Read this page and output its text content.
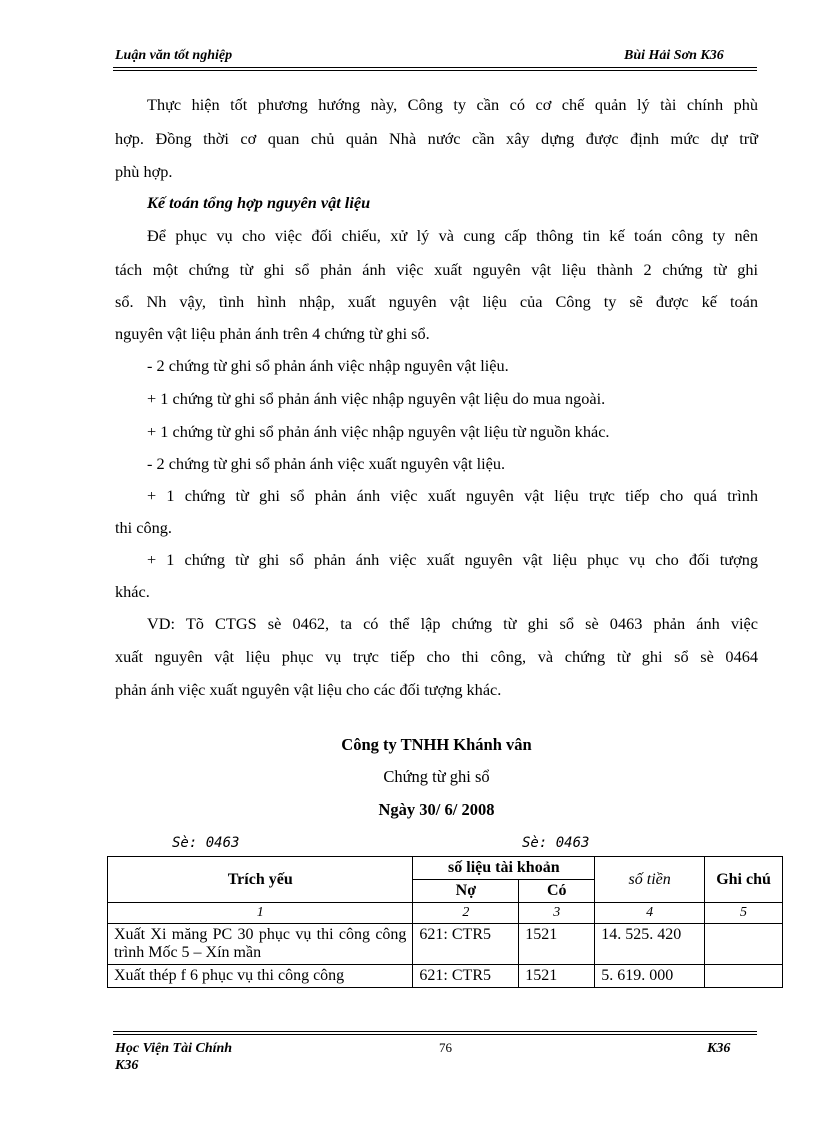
Luận văn tốt nghiệp	Bùi Hải Sơn K36

Thực hiện tốt phương hướng này, Công ty cần có cơ chế quản lý tài chính phù

hợp. Đồng thời cơ quan chủ quản Nhà nước cần xây dựng được định mức dự trữ

phù hợp.

Kế toán tổng hợp nguyên vật liệu

Để phục vụ cho việc đối chiếu, xử lý và cung cấp thông tin kế toán công ty nên

tách một chứng từ ghi sổ phản ánh việc xuất nguyên vật liệu thành 2 chứng từ ghi

sổ. Nh vậy, tình hình nhập, xuất nguyên vật liệu của Công ty sẽ được kế toán

nguyên vật liệu phản ánh trên 4 chứng từ ghi sổ.

- 2 chứng từ ghi sổ phản ánh việc nhập nguyên vật liệu.

+ 1 chứng từ ghi sổ phản ánh việc nhập nguyên vật liệu do mua ngoài.

+ 1 chứng từ ghi sổ phản ánh việc nhập nguyên vật liệu từ nguồn khác.

- 2 chứng từ ghi sổ phản ánh việc xuất nguyên vật liệu.

+ 1 chứng từ ghi sổ phản ánh việc xuất nguyên vật liệu trực tiếp cho quá trình

thi công.

+ 1 chứng từ ghi sổ phản ánh việc xuất nguyên vật liệu phục vụ cho đối tượng

khác.

VD: Tõ CTGS sè 0462, ta có thể lập chứng từ ghi sổ sè 0463 phản ánh việc

xuất nguyên vật liệu phục vụ trực tiếp cho thi công, và chứng từ ghi sổ sè 0464

phản ánh việc xuất nguyên vật liệu cho các đối tượng khác.

Công ty TNHH Khánh vân

Chứng từ ghi sổ

Ngày 30/ 6/ 2008

Sè: 0463	Sè: 0463
Trích yếu	số liệu tài khoản		số tiền	Ghi chú
	Nợ	Có		
1	2	3	4	5
Xuất Xi măng PC 30 phục vụ thi công công trình Mốc 5 – Xín mần	621: CTR5	1521	14. 525. 420	
Xuất thép f 6 phục vụ thi công công	621: CTR5	1521	5. 619. 000	
Học Viện Tài Chính
K36
76	K36
